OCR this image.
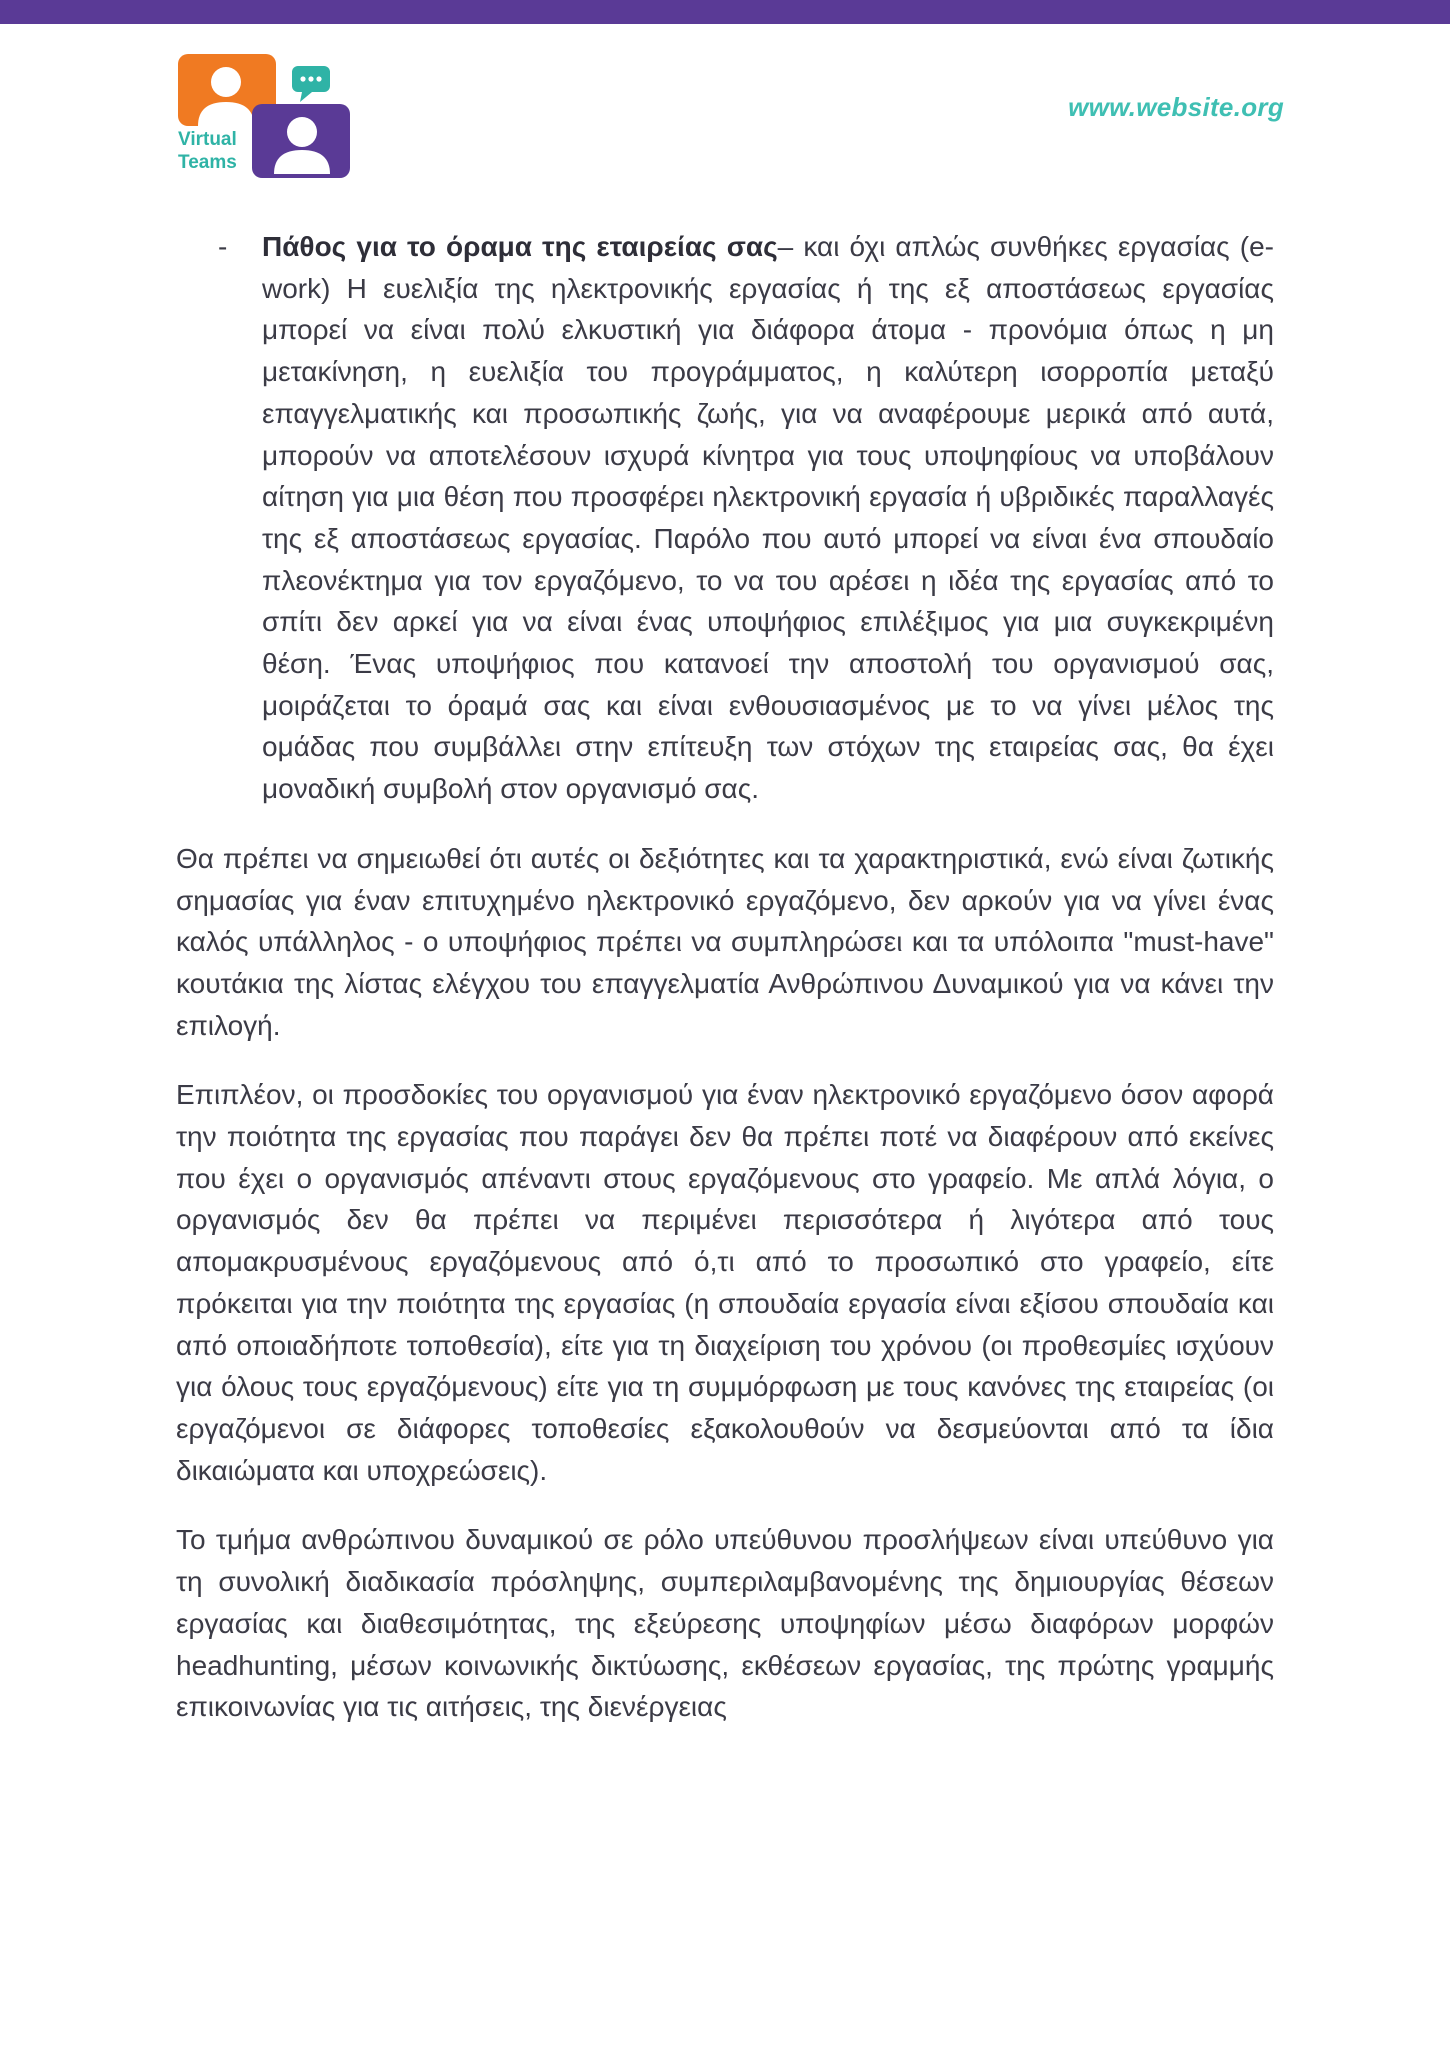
Virtual
Teams
www.website.org

- Πάθος για το όραμα της εταιρείας σας– και όχι απλώς συνθήκες εργασίας (e-work) Η ευελιξία της ηλεκτρονικής εργασίας ή της εξ αποστάσεως εργασίας μπορεί να είναι πολύ ελκυστική για διάφορα άτομα - προνόμια όπως η μη μετακίνηση, η ευελιξία του προγράμματος, η καλύτερη ισορροπία μεταξύ επαγγελματικής και προσωπικής ζωής, για να αναφέρουμε μερικά από αυτά, μπορούν να αποτελέσουν ισχυρά κίνητρα για τους υποψηφίους να υποβάλουν αίτηση για μια θέση που προσφέρει ηλεκτρονική εργασία ή υβριδικές παραλλαγές της εξ αποστάσεως εργασίας. Παρόλο που αυτό μπορεί να είναι ένα σπουδαίο πλεονέκτημα για τον εργαζόμενο, το να του αρέσει η ιδέα της εργασίας από το σπίτι δεν αρκεί για να είναι ένας υποψήφιος επιλέξιμος για μια συγκεκριμένη θέση. Ένας υποψήφιος που κατανοεί την αποστολή του οργανισμού σας, μοιράζεται το όραμά σας και είναι ενθουσιασμένος με το να γίνει μέλος της ομάδας που συμβάλλει στην επίτευξη των στόχων της εταιρείας σας, θα έχει μοναδική συμβολή στον οργανισμό σας.

Θα πρέπει να σημειωθεί ότι αυτές οι δεξιότητες και τα χαρακτηριστικά, ενώ είναι ζωτικής σημασίας για έναν επιτυχημένο ηλεκτρονικό εργαζόμενο, δεν αρκούν για να γίνει ένας καλός υπάλληλος - ο υποψήφιος πρέπει να συμπληρώσει και τα υπόλοιπα "must-have" κουτάκια της λίστας ελέγχου του επαγγελματία Ανθρώπινου Δυναμικού για να κάνει την επιλογή.

Επιπλέον, οι προσδοκίες του οργανισμού για έναν ηλεκτρονικό εργαζόμενο όσον αφορά την ποιότητα της εργασίας που παράγει δεν θα πρέπει ποτέ να διαφέρουν από εκείνες που έχει ο οργανισμός απέναντι στους εργαζόμενους στο γραφείο. Με απλά λόγια, ο οργανισμός δεν θα πρέπει να περιμένει περισσότερα ή λιγότερα από τους απομακρυσμένους εργαζόμενους από ό,τι από το προσωπικό στο γραφείο, είτε πρόκειται για την ποιότητα της εργασίας (η σπουδαία εργασία είναι εξίσου σπουδαία και από οποιαδήποτε τοποθεσία), είτε για τη διαχείριση του χρόνου (οι προθεσμίες ισχύουν για όλους τους εργαζόμενους) είτε για τη συμμόρφωση με τους κανόνες της εταιρείας (οι εργαζόμενοι σε διάφορες τοποθεσίες εξακολουθούν να δεσμεύονται από τα ίδια δικαιώματα και υποχρεώσεις).

Το τμήμα ανθρώπινου δυναμικού σε ρόλο υπεύθυνου προσλήψεων είναι υπεύθυνο για τη συνολική διαδικασία πρόσληψης, συμπεριλαμβανομένης της δημιουργίας θέσεων εργασίας και διαθεσιμότητας, της εξεύρεσης υποψηφίων μέσω διαφόρων μορφών headhunting, μέσων κοινωνικής δικτύωσης, εκθέσεων εργασίας, της πρώτης γραμμής επικοινωνίας για τις αιτήσεις, της διενέργειας
